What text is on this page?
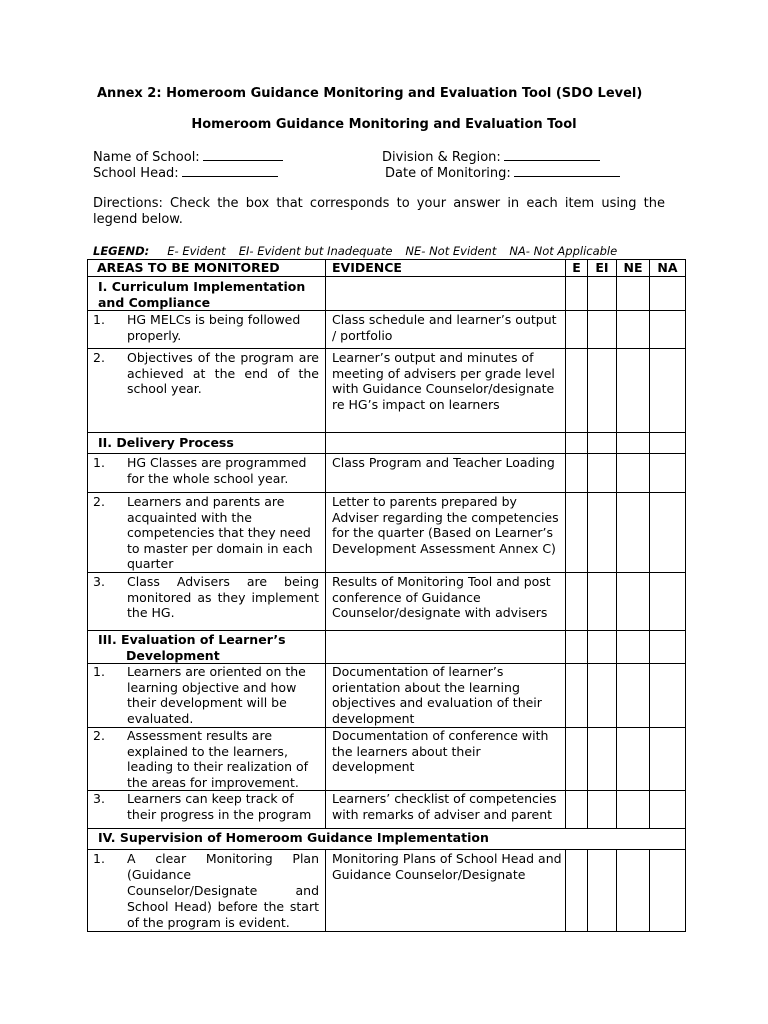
Annex 2: Homeroom Guidance Monitoring and Evaluation Tool (SDO Level)
Homeroom Guidance Monitoring and Evaluation Tool
Name of School:
School Head:
Division & Region:
Date of Monitoring:
Directions: Check the box that corresponds to your answer in each item using the legend below.
LEGEND: E- Evident EI- Evident but Inadequate NE- Not Evident NA- Not Applicable
AREAS TO BE MONITORED	EVIDENCE	E	EI	NE	NA
I. Curriculum Implementation and Compliance					

1. HG MELCs is being followed properly.	Class schedule and learner’s output / portfolio				

2. Objectives of the program are achieved at the end of the school year.	Learner’s output and minutes of meeting of advisers per grade level with Guidance Counselor/designate re HG’s impact on learners				
II. Delivery Process					

1. HG Classes are programmed for the whole school year.	Class Program and Teacher Loading				

2. Learners and parents are acquainted with the competencies that they need to master per domain in each quarter	Letter to parents prepared by Adviser regarding the competencies for the quarter (Based on Learner’s Development Assessment Annex C)				

3. Class Advisers are being monitored as they implement the HG.	Results of Monitoring Tool and post conference of Guidance Counselor/designate with advisers				

III. Evaluation of Learner’s Development					

1. Learners are oriented on the learning objective and how their development will be evaluated.	Documentation of learner’s orientation about the learning objectives and evaluation of their development				

2. Assessment results are explained to the learners, leading to their realization of the areas for improvement.	Documentation of conference with the learners about their development				

3. Learners can keep track of their progress in the program	Learners’ checklist of competencies with remarks of adviser and parent				
IV. Supervision of Homeroom Guidance Implementation					

1. A clear Monitoring Plan (Guidance Counselor/Designate and School Head) before the start of the program is evident.	Monitoring Plans of School Head and Guidance Counselor/Designate				
